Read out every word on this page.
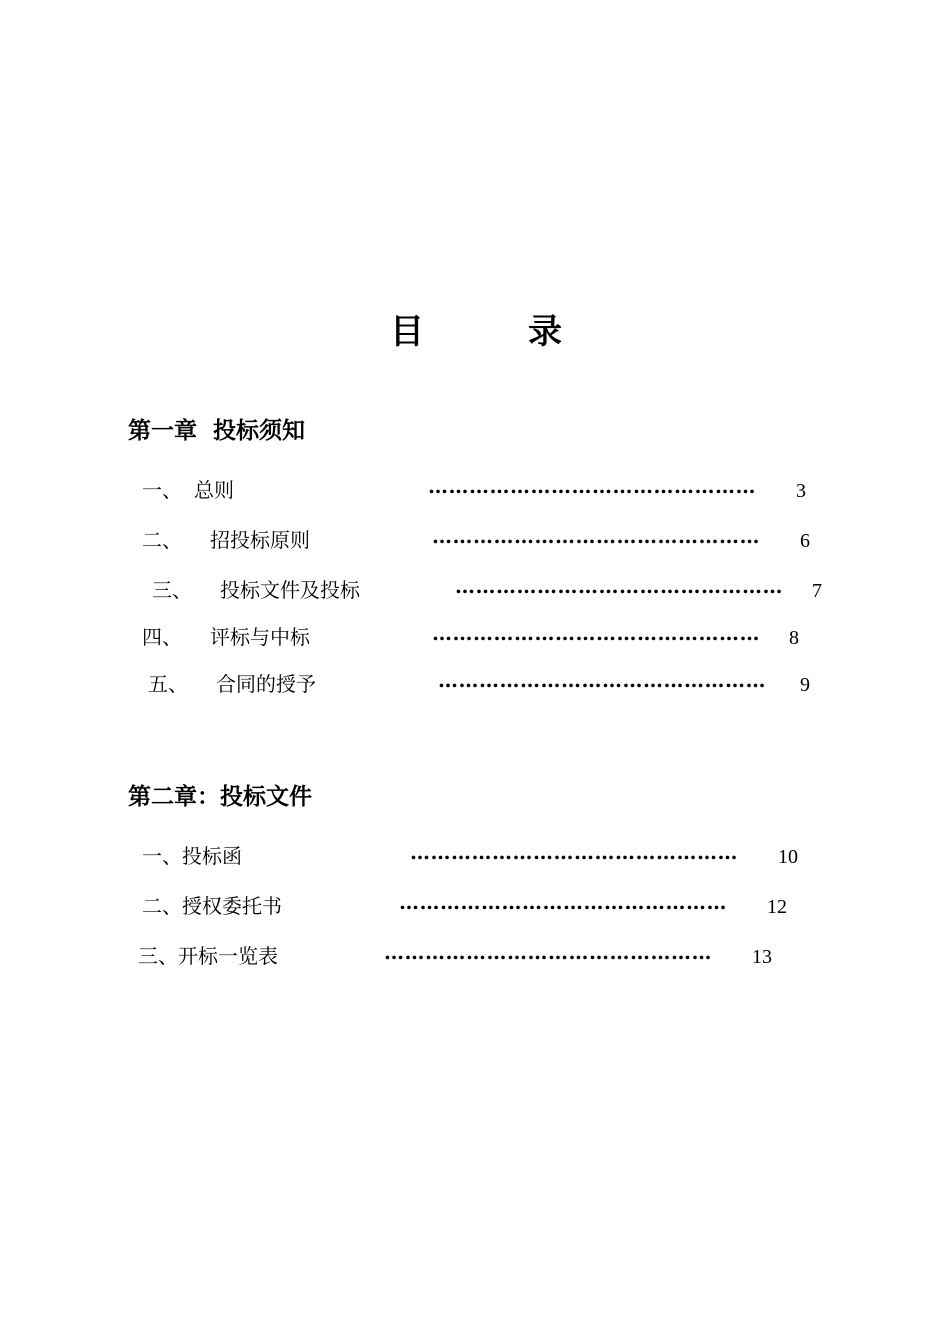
目	录
第一章  投标须知
一、 总则	………………………………………… 3
二、 招投标原则	………………………………………… 6
三、 投标文件及投标	………………………………………… 7
四、 评标与中标	………………………………………… 8
五、 合同的授予	………………………………………… 9
第二章：投标文件
一、投标函	………………………………………… 10
二、授权委托书	………………………………………… 12
三、开标一览表	………………………………………… 13
